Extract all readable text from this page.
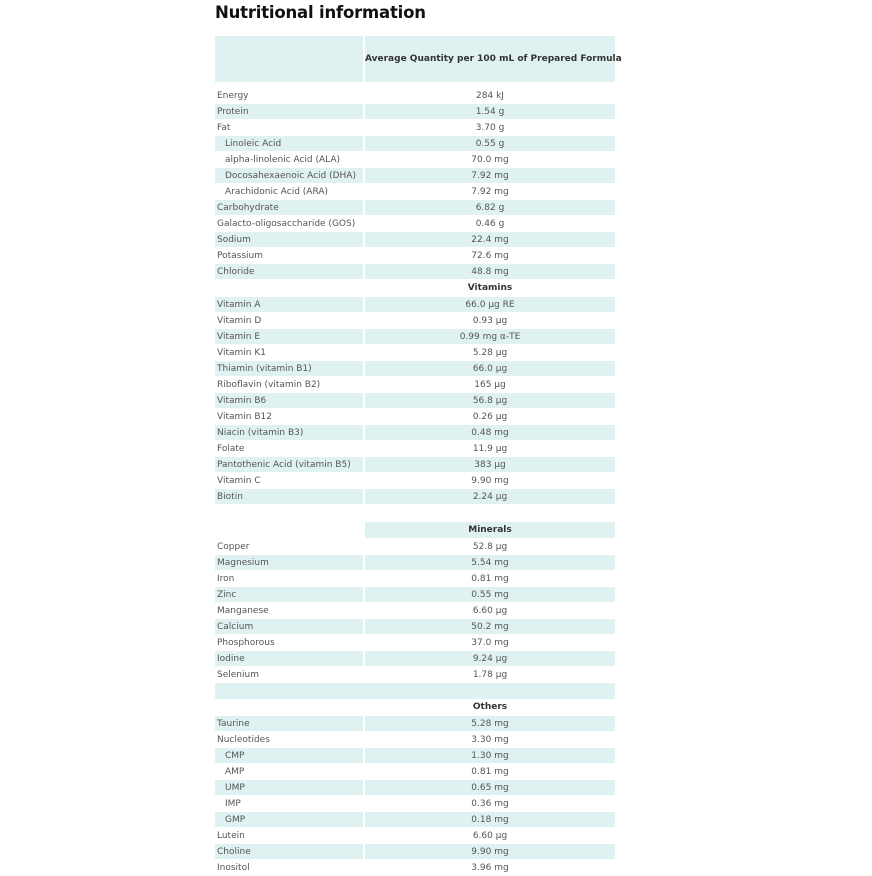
Nutritional information
Average Quantity per 100 mL of Prepared Formula
Energy	284 kJ
Protein	1.54 g
Fat	3.70 g
Linoleic Acid	0.55 g
alpha-linolenic Acid (ALA)	70.0 mg
Docosahexaenoic Acid (DHA)	7.92 mg
Arachidonic Acid (ARA)	7.92 mg
Carbohydrate	6.82 g
Galacto-oligosaccharide (GOS)	0.46 g
Sodium	22.4 mg
Potassium	72.6 mg
Chloride	48.8 mg
Vitamins
Vitamin A	66.0 μg RE
Vitamin D	0.93 μg
Vitamin E	0.99 mg α-TE
Vitamin K1	5.28 μg
Thiamin (vitamin B1)	66.0 μg
Riboflavin (vitamin B2)	165 μg
Vitamin B6	56.8 μg
Vitamin B12	0.26 μg
Niacin (vitamin B3)	0.48 mg
Folate	11.9 μg
Pantothenic Acid (vitamin B5)	383 μg
Vitamin C	9.90 mg
Biotin	2.24 μg
Minerals
Copper	52.8 μg
Magnesium	5.54 mg
Iron	0.81 mg
Zinc	0.55 mg
Manganese	6.60 μg
Calcium	50.2 mg
Phosphorous	37.0 mg
Iodine	9.24 μg
Selenium	1.78 μg
Others
Taurine	5.28 mg
Nucleotides	3.30 mg
CMP	1.30 mg
AMP	0.81 mg
UMP	0.65 mg
IMP	0.36 mg
GMP	0.18 mg
Lutein	6.60 μg
Choline	9.90 mg
Inositol	3.96 mg
